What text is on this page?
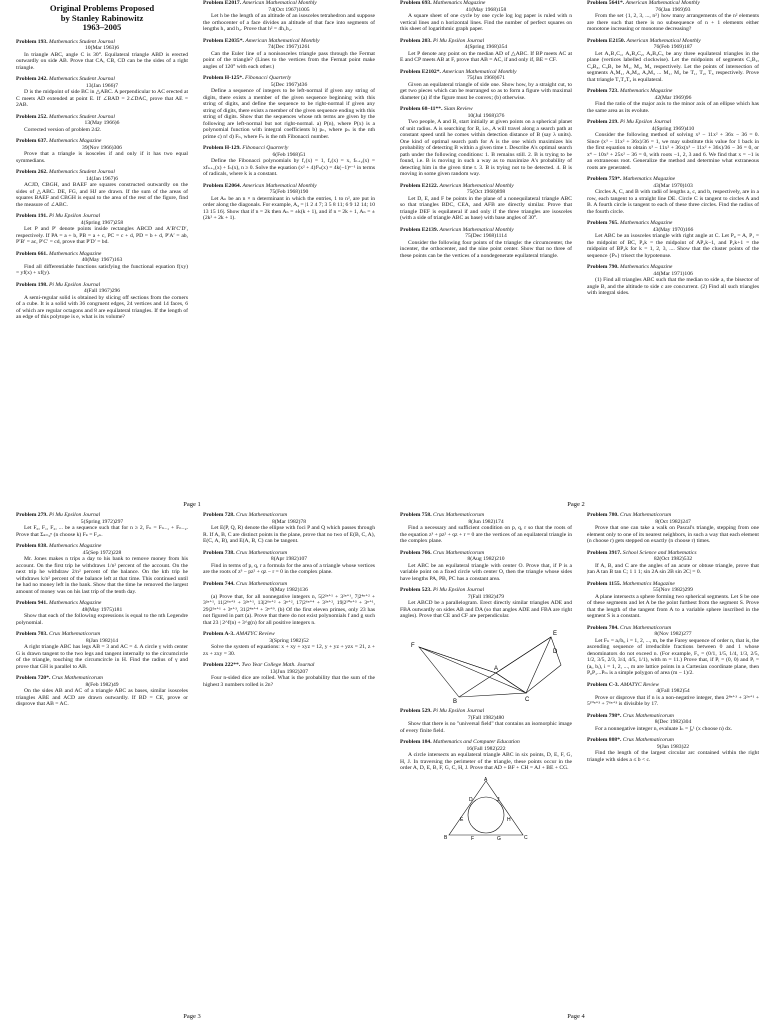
Original Problems Proposed
by Stanley Rabinowitz
1963–2005
Problem 193. Mathematics Student Journal
10(Mar 1963)6

In triangle ABC, angle C is 30°. Equilateral triangle ABD is erected outwardly on side AB. Prove that CA, CB, CD can be the sides of a right triangle.

Problem 242. Mathematics Student Journal
13(Jan 1966)7

D is the midpoint of side BC in △ABC. A perpendicular to AC erected at C meets AD extended at point E. If ∠BAD = 2∠DAC, prove that AE = 2AB.

Problem 252. Mathematics Student Journal
13(May 1966)6

Corrected version of problem 242.

Problem 637. Mathematics Magazine
39(Nov 1966)306

Prove that a triangle is isosceles if and only if it has two equal symmedians.

Problem 262. Mathematics Student Journal
14(Jan 1967)6

ACJD, CBGH, and BAEF are squares constructed outwardly on the sides of △ABC. DE, FG, and HJ are drawn. If the sum of the areas of squares BAEF and CBGH is equal to the area of the rest of the figure, find the measure of ∠ABC.

Problem 191. Pi Mu Epsilon Journal
4(Spring 1967)258

Let P and P′ denote points inside rectangles ABCD and A′B′C′D′, respectively. If PA = a + b, PB = a + c, PC = c + d, PD = b + d, P′A′ = ab, P′B′ = ac, P′C′ = cd, prove that P′D′ = bd.

Problem 661. Mathematics Magazine
40(May 1967)163

Find all differentiable functions satisfying the functional equation f(xy) = yf(x) + xf(y).

Problem 198. Pi Mu Epsilon Journal
4(Fall 1967)296

A semi-regular solid is obtained by slicing off sections from the corners of a cube. It is a solid with 36 congruent edges, 24 vertices and 14 faces, 6 of which are regular octagons and 8 are equilateral triangles. If the length of an edge of this polytope is e, what is its volume?

Problem E2017. American Mathematical Monthly
74(Oct 1967)1005

Let h be the length of an altitude of an isosceles tetrahedron and suppose the orthocenter of a face divides an altitude of that face into segments of lengths h₁ and h₂. Prove that h² = 4h₁h₂.

Problem E2035*. American Mathematical Monthly
74(Dec 1967)1261

Can the Euler line of a nonisosceles triangle pass through the Fermat point of the triangle? (Lines to the vertices from the Fermat point make angles of 120° with each other.)

Problem H-125*. Fibonacci Quarterly
5(Dec 1967)436

Define a sequence of integers to be left-normal if given any string of digits, there exists a member of the given sequence beginning with this string of digits, and define the sequence to be right-normal if given any string of digits, there exists a member of the given sequence ending with this string of digits. Show that the sequences whose nth terms are given by the following are left-normal but not right-normal. a) P(n), where P(x) is a polynomial function with integral coefficients b) pₙ, where pₙ is the nth prime c) n! d) Fₙ, where Fₙ is the nth Fibonacci number.

Problem H-129. Fibonacci Quarterly
6(Feb 1968)51

Define the Fibonacci polynomials by f₁(x) = 1, f₂(x) = x, fₙ₊₂(x) = xfₙ₊₁(x) + fₙ(x), n ≥ 0. Solve the equation (x² + 4)f²ₙ(x) = 4k(−1)ⁿ⁻¹ in terms of radicals, where k is a constant.

Problem E2064. American Mathematical Monthly
75(Feb 1968)190

Let Aₙ be an n × n determinant in which the entries, 1 to n², are put in order along the diagonals. For example, A₄ = |1 2 4 7; 3 5 8 11; 6 9 12 14; 10 13 15 16|. Show that if n = 2k then Aₙ = ±k(k + 1), and if n = 2k + 1, Aₙ = ±(2k² + 2k + 1).

Page 1
Problem 693. Mathematics Magazine
41(May 1968)158

A square sheet of one cycle by one cycle log log paper is ruled with n vertical lines and n horizontal lines. Find the number of perfect squares on this sheet of logarithmic graph paper.

Problem 203. Pi Mu Epsilon Journal
4(Spring 1968)354

Let P denote any point on the median AD of △ABC. If BP meets AC at E and CP meets AB at F, prove that AB = AC, if and only if, BE = CF.

Problem E2102*. American Mathematical Monthly
75(Jun 1968)671

Given an equilateral triangle of side one. Show how, by a straight cut, to get two pieces which can be rearranged so as to form a figure with maximal diameter (a) if the figure must be convex; (b) otherwise.

Problem 68–11**. Siam Review
10(Jul 1968)376

Two people, A and B, start initially at given points on a spherical planet of unit radius. A is searching for B, i.e., A will travel along a search path at constant speed until he comes within detection distance of B (say λ units). One kind of optimal search path for A is the one which maximizes his probability of detecting B within a given time t. Describe A's optimal search path under the following conditions: 1. B remains still. 2. B is trying to be found, i.e. B is moving in such a way as to maximize A's probability of detecting him in the given time t. 3. B is trying not to be detected. 4. B is moving in some given random way.

Problem E2122. American Mathematical Monthly
75(Oct 1968)898

Let D, E, and F be points in the plane of a nonequilateral triangle ABC so that triangles BDC, CEA, and AFB are directly similar. Prove that triangle DEF is equilateral if and only if the three triangles are isosceles (with a side of triangle ABC as base) with base angles of 30°.

Problem E2139. American Mathematical Monthly
75(Dec 1968)1114

Consider the following four points of the triangle: the circumcenter, the incenter, the orthocenter, and the nine point center. Show that no three of these points can be the vertices of a nondegenerate equilateral triangle.

Problem 5641*. American Mathematical Monthly
76(Jan 1969)93

From the set {1, 2, 3, ..., n²} how many arrangements of the n² elements are there such that there is no subsequence of n + 1 elements either monotone increasing or monotone decreasing?

Problem E2150. American Mathematical Monthly
76(Feb 1969)187

Let A₁B₁C₁, A₂B₂C₂, A₃B₃C₃ be any three equilateral triangles in the plane (vertices labelled clockwise). Let the midpoints of segments C₁B₂, C₂B₃, C₃B₁ be M₁, M₂, M₃ respectively. Let the points of intersection of segments A₁M₁, A₂M₂, A₃M₃ ... M₁, M₂ be T₁, T₂, T₃ respectively. Prove that triangle T₁T₂T₃ is equilateral.

Problem 723. Mathematics Magazine
42(Mar 1969)96

Find the ratio of the major axis to the minor axis of an ellipse which has the same area as its evolute.

Problem 219. Pi Mu Epsilon Journal
4(Spring 1969)410

Consider the following method of solving x³ − 11x² + 36x − 36 = 0. Since (x³ − 11x² + 36x)/36 = 1, we may substitute this value for 1 back in the first equation to obtain x³ − 11x² + 36x(x³ − 11x² + 36x)/36 − 36 = 0, or x⁴ − 10x³ + 25x² − 36 = 0, with roots −1, 2, 3 and 6. We find that x = −1 is an extraneous root. Generalize the method and determine what extraneous roots are generated.

Problem 759*. Mathematics Magazine
43(Mar 1970)103

Circles A, C, and B with radii of lengths a, c, and b, respectively, are in a row, each tangent to a straight line DE. Circle C is tangent to circles A and B. A fourth circle is tangent to each of these three circles. Find the radius of the fourth circle.

Problem 765. Mathematics Magazine
43(May 1970)166

Let ABC be an isosceles triangle with right angle at C. Let P₀ = A, P₁ = the midpoint of BC, P₂k = the midpoint of AP₂k−1, and P₂k+1 = the midpoint of BP₂k for k = 1, 2, 3, .... Show that the cluster points of the sequence {Pₙ} trisect the hypotenuse.

Problem 790. Mathematics Magazine
44(Mar 1971)106

(1) Find all triangles ABC such that the median to side a, the bisector of angle B, and the altitude to side c are concurrent. (2) Find all such triangles with integral sides.

Page 2
Problem 279. Pi Mu Epsilon Journal
5(Spring 1972)297

Let F₀, F₁, F₂, ... be a sequence such that for n ≥ 2, Fₙ = Fₙ₋₁ + Fₙ₋₂. Prove that Σₖ₌₀ⁿ (n choose k) Fₖ = F₂ₙ.

Problem 838. Mathematics Magazine
45(Sep 1972)228

Mr. Jones makes n trips a day to his bank to remove money from his account. On the first trip he withdraws 1/n² percent of the account. On the next trip he withdraw 2/n² percent of the balance. On the kth trip he withdraws k/n² percent of the balance left at that time. This continued until he had no money left in the bank. Show that the time he removed the largest amount of money was on his last trip of the tenth day.

Problem 941. Mathematics Magazine
48(May 1975)181

Show that each of the following expressions is equal to the nth Legendre polynomial.

Problem 703. Crux Mathematicorum
8(Jan 1982)14

A right triangle ABC has legs AB = 3 and AC = 4. A circle γ with center G is drawn tangent to the two legs and tangent internally to the circumcircle of the triangle, touching the circumcircle in H. Find the radius of γ and prove that GH is parallel to AB.

Problem 720*. Crux Mathematicorum
8(Feb 1982)49

On the sides AB and AC of a triangle ABC as bases, similar isosceles triangles ABE and ACD are drawn outwardly. If BD = CE, prove or disprove that AB = AC.

Problem 728. Crux Mathematicorum
8(Mar 1982)78

Let E(P, Q, R) denote the ellipse with foci P and Q which passes through R. If A, B, C are distinct points in the plane, prove that no two of E(B, C, A), E(C, A, B), and E(A, B, C) can be tangent.

Problem 738. Crux Mathematicorum
8(Apr 1982)107

Find in terms of p, q, r a formula for the area of a triangle whose vertices are the roots of z³ − pz² + qz − r = 0 in the complex plane.

Problem 744. Crux Mathematicorum
8(May 1982)136

(a) Prove that, for all nonnegative integers n, 5|2²ⁿ⁺¹ + 3²ⁿ⁺¹, 7|2⁴ⁿ⁺² + 3²ⁿ⁺¹, 11|2⁶ⁿ⁺³ + 3²ⁿ⁺¹, 13|2⁶ⁿ⁺² + 3ⁿ⁺², 17|2⁶ⁿ⁺⁴ + 3²ⁿ⁺², 19|2¹⁰ⁿ⁺³ + 3ⁿ⁺¹, 29|2⁵ⁿ⁺¹ + 3ⁿ⁺³, 31|2⁴ⁿ⁺⁴ + 3ⁿ⁺⁹. (b) Of the first eleven primes, only 23 has not figured in part (a). Prove that there do not exist polynomials f and g such that 23 | 2^f(n) + 3^g(n) for all positive integers n.

Problem A-3. AMATYC Review
3(Spring 1982)52

Solve the system of equations: x + xy + xyz = 12, y + yz + yzx = 21, z + zx + zxy = 30.

Problem 222**. Two Year College Math. Journal
13(Jun 1982)207

Four n-sided dice are rolled. What is the probability that the sum of the highest 3 numbers rolled is 2n?

Page 3
Problem 758. Crux Mathematicorum
8(Jun 1982)174

Find a necessary and sufficient condition on p, q, r so that the roots of the equation z³ + pz² + qz + r = 0 are the vertices of an equilateral triangle in the complex plane.

Problem 766. Crux Mathematicorum
8(Aug 1982)210

Let ABC be an equilateral triangle with center O. Prove that, if P is a variable point on a fixed circle with center O, then the triangle whose sides have lengths PA, PB, PC has a constant area.

Problem 523. Pi Mu Epsilon Journal
7(Fall 1982)479

Let ABCD be a parallelogram. Erect directly similar triangles ADE and FBA outwardly on sides AB and DA (so that angles ADE and FBA are right angles). Prove that CE and CF are perpendicular.

F
A
D
E
B	C
Problem 529. Pi Mu Epsilon Journal
7(Fall 1982)480

Show that there is no "universal field" that contains an isomorphic image of every finite field.

Problem 184. Mathematics and Computer Education
16(Fall 1982)222

A circle intersects an equilateral triangle ABC in six points, D, E, F, G, H, J. In traversing the perimeter of the triangle, these points occur in the order A, D, E, B, F, G, C, H, J. Prove that AD + BF + CH = AJ + BE + CG.

A
D	J
E	H
B	F	G	C
Problem 780. Crux Mathematicorum
8(Oct 1982)247

Prove that one can take a walk on Pascal's triangle, stepping from one element only to one of its nearest neighbors, in such a way that each element (n choose r) gets stepped on exactly (n choose r) times.

Problem 3917. School Science and Mathematics
82(Oct 1982)532

If A, B, and C are the angles of an acute or obtuse triangle, prove that |tan A tan B tan C; 1 1 1; sin 2A sin 2B sin 2C| = 0.

Problem 1155. Mathematics Magazine
55(Nov 1982)299

A plane intersects a sphere forming two spherical segments. Let S be one of these segments and let A be the point furthest from the segment S. Prove that the length of the tangent from A to a variable sphere inscribed in the segment S is a constant.

Problem 784. Crux Mathematicorum
8(Nov 1982)277

Let Fₙ = aᵢ/bᵢ, i = 1, 2, ..., m, be the Farey sequence of order n, that is, the ascending sequence of irreducible fractions between 0 and 1 whose denominators do not exceed n. (For example, F₅ = (0/1, 1/5, 1/4, 1/3, 2/5, 1/2, 3/5, 2/3, 3/4, 4/5, 1/1), with m = 11.) Prove that, if Pᵢ = (0, 0) and Pᵢ = (aᵢ, bᵢ), i = 1, 2, ..., m are lattice points in a Cartesian coordinate plane, then P₀P₁...Pₘ is a simple polygon of area (m − 1)/2.

Problem C-3. AMATYC Review
4(Fall 1982)54

Prove or disprove that if n is a non-negative integer, then 2⁸ⁿ⁺³ + 3²ⁿ⁺¹ + 5¹⁰ⁿ⁺³ + 7⁶ⁿ⁺³ is divisible by 17.

Problem 798*. Crux Mathematicorum
8(Dec 1982)304

For a nonnegative integer n, evaluate Iₙ = ∫₀¹ (x choose n) dx.

Problem 808*. Crux Mathematicorum
9(Jan 1983)22

Find the length of the largest circular arc contained within the right triangle with sides a ≤ b < c.

Page 4
